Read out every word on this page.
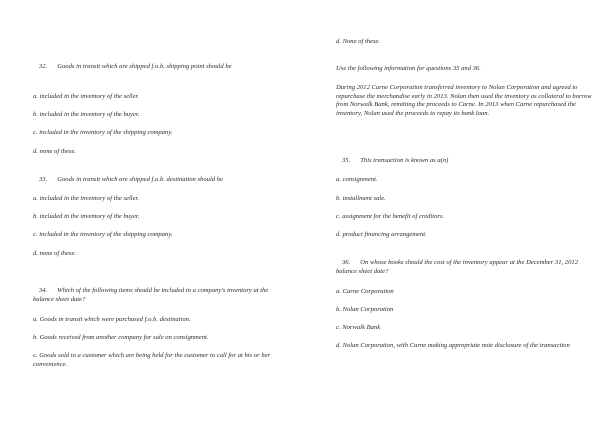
32. Goods in transit which are shipped f.o.b. shipping point should be

a. included in the inventory of the seller.

b. included in the inventory of the buyer.

c. included in the inventory of the shipping company.

d. none of these.

33. Goods in transit which are shipped f.o.b. destination should be

a. included in the inventory of the seller.

b. included in the inventory of the buyer.

c. included in the inventory of the shipping company.

d. none of these.

34. Which of the following items should be included in a company's inventory at the balance sheet date?

a. Goods in transit which were purchased f.o.b. destination.

b. Goods received from another company for sale on consignment.

c. Goods sold to a customer which are being held for the customer to call for at his or her convenience.

d. None of these.

Use the following information for questions 35 and 36.

During 2012 Carne Corporation transferred inventory to Nolan Corporation and agreed to repurchase the merchandise early in 2013. Nolan then used the inventory as collateral to borrow from Norwalk Bank, remitting the proceeds to Carne. In 2013 when Carne repurchased the inventory, Nolan used the proceeds to repay its bank loan.

35. This transaction is known as a(n)

a. consignment.

b. installment sale.

c. assignment for the benefit of creditors.

d. product financing arrangement.

36. On whose books should the cost of the inventory appear at the December 31, 2012 balance sheet date?

a. Carne Corporation

b. Nolan Corporation

c. Norwalk Bank

d. Nolan Corporation, with Carne making appropriate note disclosure of the transaction
